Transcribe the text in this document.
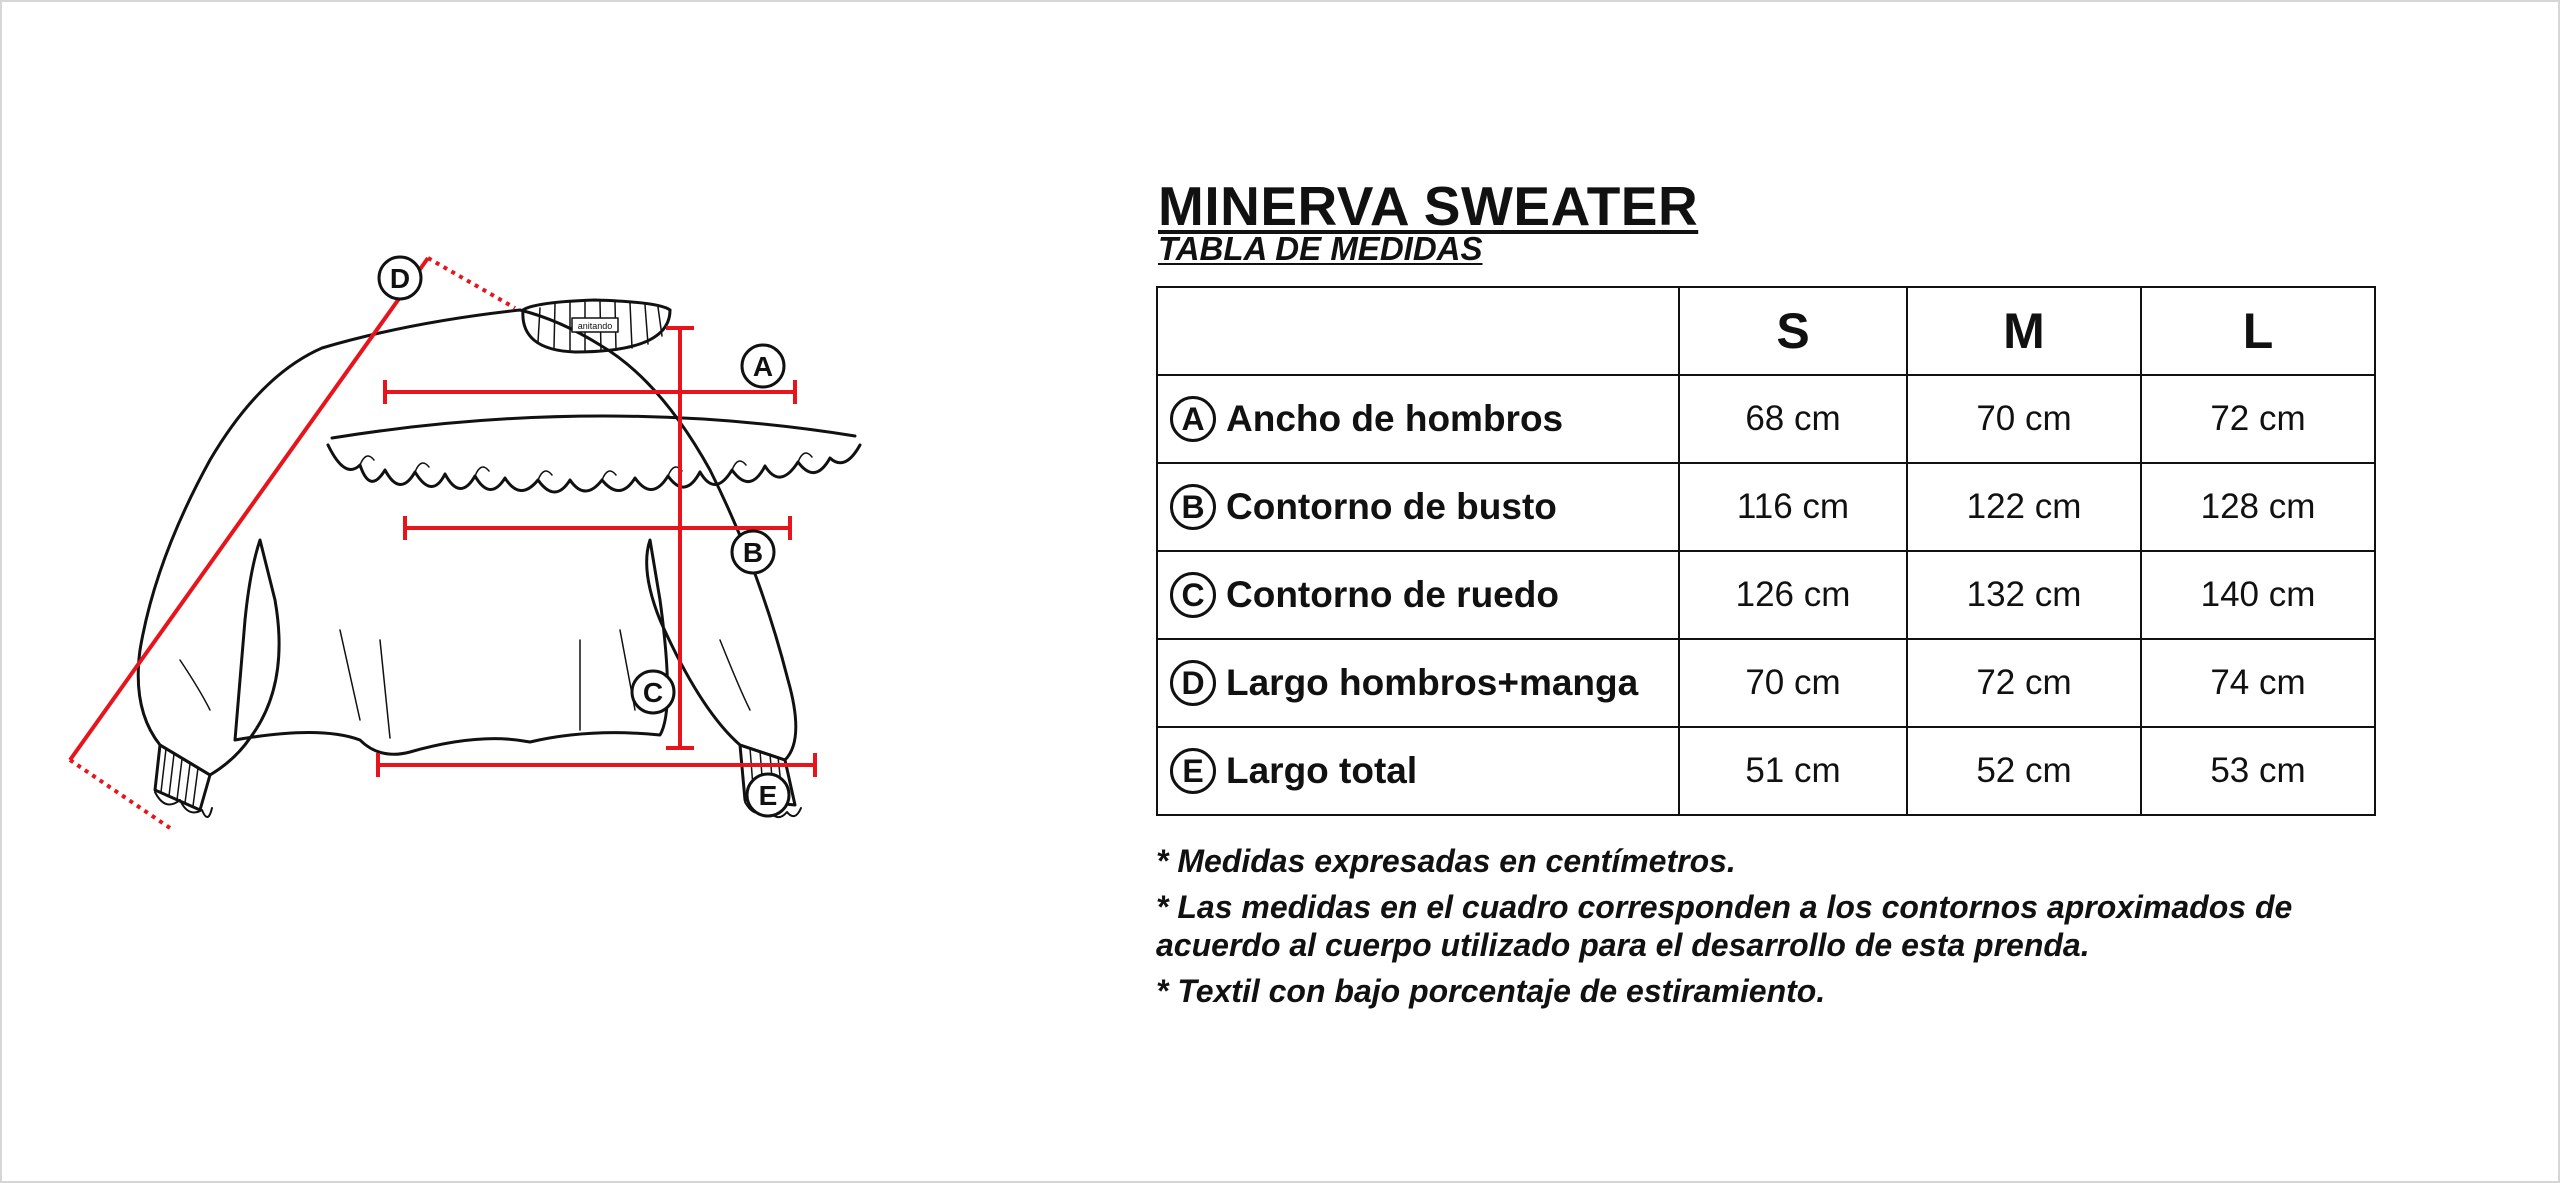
anitando
D
A
B
C
E
MINERVA SWEATER
TABLA DE MEDIDAS
	S	M	L
A Ancho de hombros	68 cm	70 cm	72 cm
B Contorno de busto	116 cm	122 cm	128 cm
C Contorno de ruedo	126 cm	132 cm	140 cm
D Largo hombros+manga	70 cm	72 cm	74 cm
E Largo total	51 cm	52 cm	53 cm
* Medidas expresadas en centímetros.
* Las medidas en el cuadro corresponden a los contornos aproximados de acuerdo al cuerpo utilizado para el desarrollo de esta prenda.
* Textil con bajo porcentaje de estiramiento.
